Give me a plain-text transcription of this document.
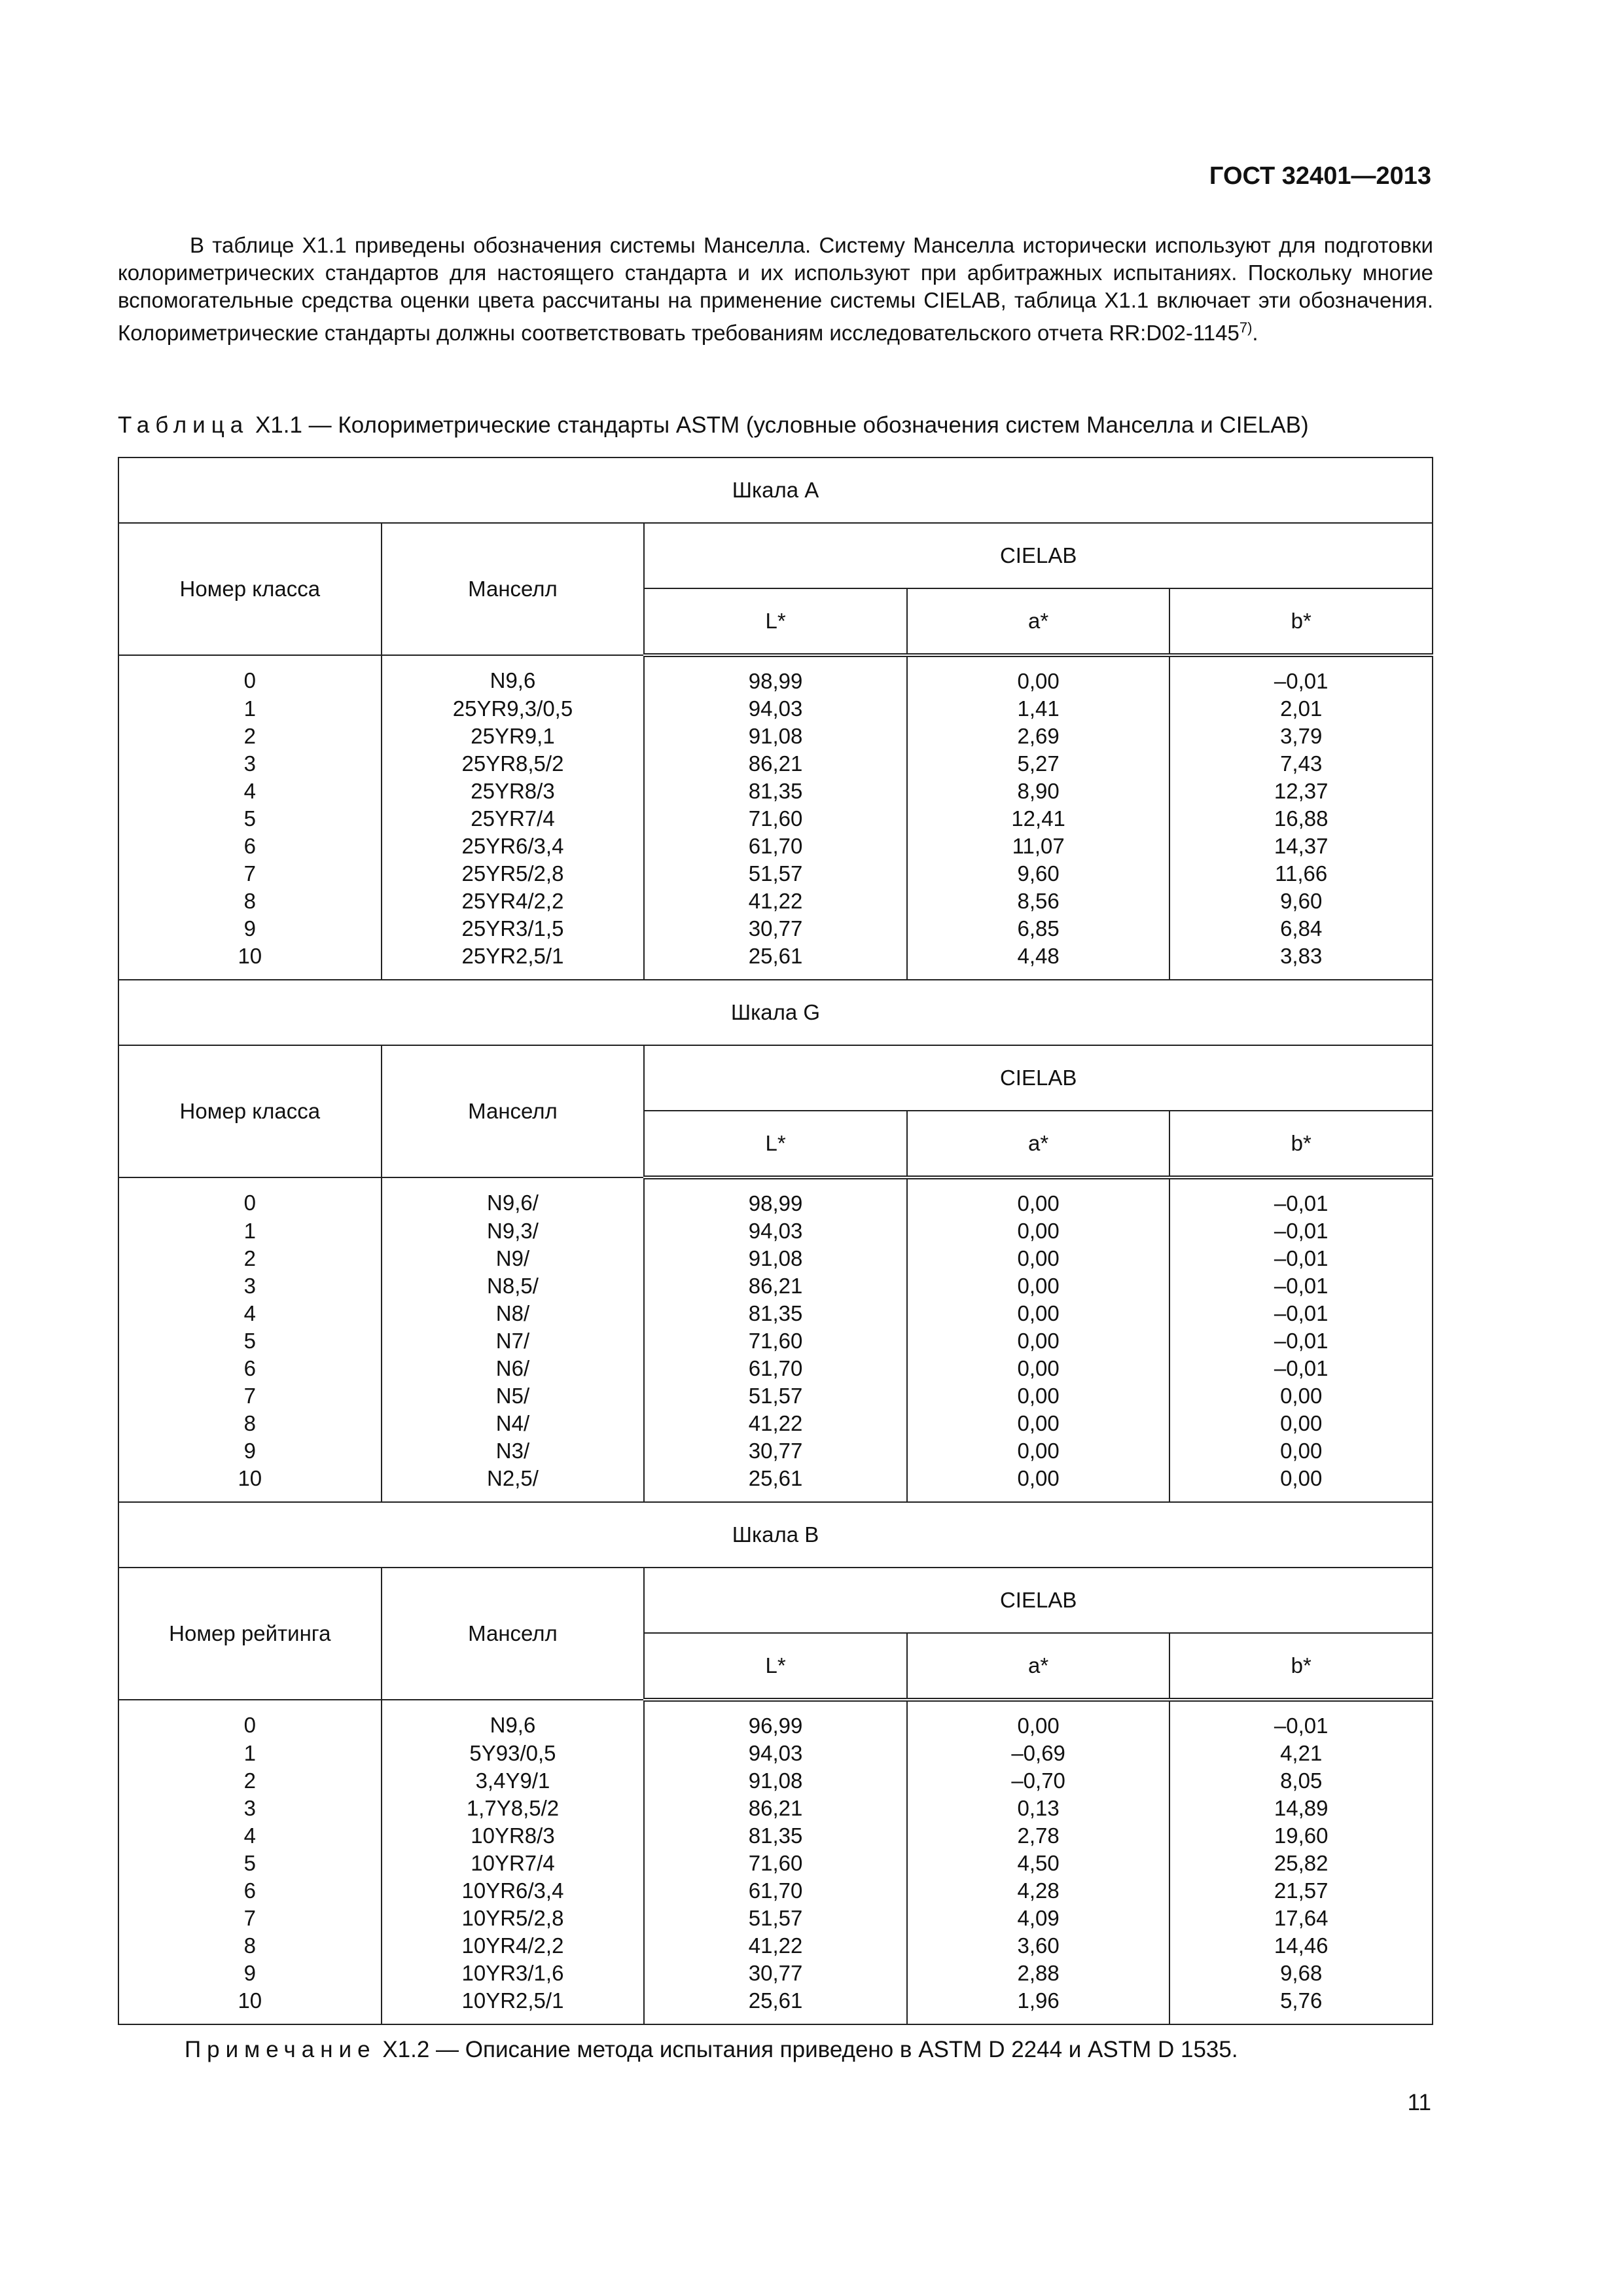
ГОСТ 32401—2013

В таблице X1.1 приведены обозначения системы Манселла. Систему Манселла исторически используют для подготовки колориметрических стандартов для настоящего стандарта и их используют при арбитражных испытаниях. Поскольку многие вспомогательные средства оценки цвета рассчитаны на применение системы CIELAB, таблица X1.1 включает эти обозначения. Колориметрические стандарты должны соответствовать требованиям исследовательского отчета RR:D02-1145$^{7)}$.

Таблица X1.1 — Колориметрические стандарты ASTM (условные обозначения систем Манселла и CIELAB)
Шкала А				
Номер класса	Манселл	CIELAB		
		L*	a*	b*
0	N9,6	98,99	0,00	–0,01
1	25YR9,3/0,5	94,03	1,41	2,01
2	25YR9,1	91,08	2,69	3,79
3	25YR8,5/2	86,21	5,27	7,43
4	25YR8/3	81,35	8,90	12,37
5	25YR7/4	71,60	12,41	16,88
6	25YR6/3,4	61,70	11,07	14,37
7	25YR5/2,8	51,57	9,60	11,66
8	25YR4/2,2	41,22	8,56	9,60
9	25YR3/1,5	30,77	6,85	6,84
10	25YR2,5/1	25,61	4,48	3,83
Шкала G				
Номер класса	Манселл	CIELAB		
		L*	a*	b*
0	N9,6/	98,99	0,00	–0,01
1	N9,3/	94,03	0,00	–0,01
2	N9/	91,08	0,00	–0,01
3	N8,5/	86,21	0,00	–0,01
4	N8/	81,35	0,00	–0,01
5	N7/	71,60	0,00	–0,01
6	N6/	61,70	0,00	–0,01
7	N5/	51,57	0,00	0,00
8	N4/	41,22	0,00	0,00
9	N3/	30,77	0,00	0,00
10	N2,5/	25,61	0,00	0,00
Шкала В				
Номер рейтинга	Манселл	CIELAB		
		L*	a*	b*
0	N9,6	96,99	0,00	–0,01
1	5Y93/0,5	94,03	–0,69	4,21
2	3,4Y9/1	91,08	–0,70	8,05
3	1,7Y8,5/2	86,21	0,13	14,89
4	10YR8/3	81,35	2,78	19,60
5	10YR7/4	71,60	4,50	25,82
6	10YR6/3,4	61,70	4,28	21,57
7	10YR5/2,8	51,57	4,09	17,64
8	10YR4/2,2	41,22	3,60	14,46
9	10YR3/1,6	30,77	2,88	9,68
10	10YR2,5/1	25,61	1,96	5,76
Примечание X1.2 — Описание метода испытания приведено в ASTM D 2244 и ASTM D 1535.
11
